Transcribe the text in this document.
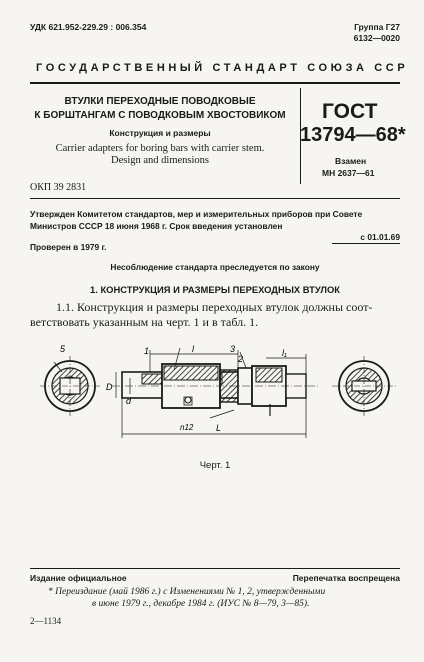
УДК 621.952-229.29 : 006.354	Группа Г27
6132—0020
ГОСУДАРСТВЕННЫЙ СТАНДАРТ СОЮЗА ССР
ВТУЛКИ ПЕРЕХОДНЫЕ ПОВОДКОВЫЕ
К БОРШТАНГАМ С ПОВОДКОВЫМ ХВОСТОВИКОМ
Конструкция и размеры
Carrier adapters for boring bars with carrier stem.
Design and dimensions
ГОСТ
13794—68*
Взамен
МН 2637—61
ОКП 39 2831
Утвержден Комитетом стандартов, мер и измерительных приборов при Совете
Министров СССР 18 июня 1968 г. Срок введения установлен
с 01.01.69
Проверен в 1979 г.
Несоблюдение стандарта преследуется по закону
1. КОНСТРУКЦИЯ И РАЗМЕРЫ ПЕРЕХОДНЫХ ВТУЛОК
1.1. Конструкция и размеры переходных втулок должны соот-
ветствовать указанным на черт. 1 и в табл. 1.
1	l	3
2
l₁
5
D
d
n12	L
Черт. 1
Издание официальное	Перепечатка воспрещена
* Переиздание (май 1986 г.) с Изменениями № 1, 2, утвержденными
в июне 1979 г., декабре 1984 г. (ИУС № 8—79, 3—85).
2—1134
